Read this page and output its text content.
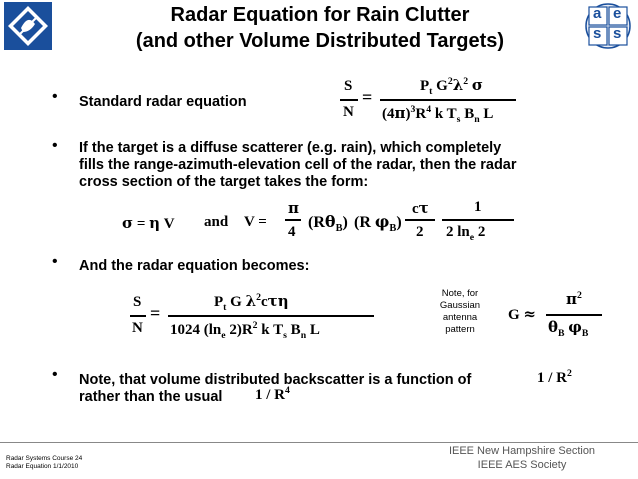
a e
s s
Radar Equation for Rain Clutter
(and other Volume Distributed Targets)
• Standard radar equation
S
N
=
$P_t$ $G^2\lambda^2$ σ
$(4\pi)^3R^4$ k $T_s$ $B_n$ L
• If the target is a diffuse scatterer (e.g. rain), which completely fills the range-azimuth-elevation cell of the radar, then the radar cross section of the target takes the form:
σ = η V and V =
π
4
$(R\theta_B)$ (R $\varphi_B$)
cτ
2
1
2 $\ln_e 2$
• And the radar equation becomes:
S
N
=
$P_t$ G $\lambda^2c\tau\eta$
1024 ($\ln_e$ $2)R^2$ k $T_s$ $B_n$ L
Note, for
Gaussian
antenna
pattern
G ≈
$\pi^2$
$\theta_B$ $\varphi_B$
• Note, that volume distributed backscatter is a function of	$1 / R^2$
rather than the usual $1 / R^4$
Radar Systems Course 24
Radar Equation 1/1/2010
IEEE New Hampshire Section
IEEE AES Society
